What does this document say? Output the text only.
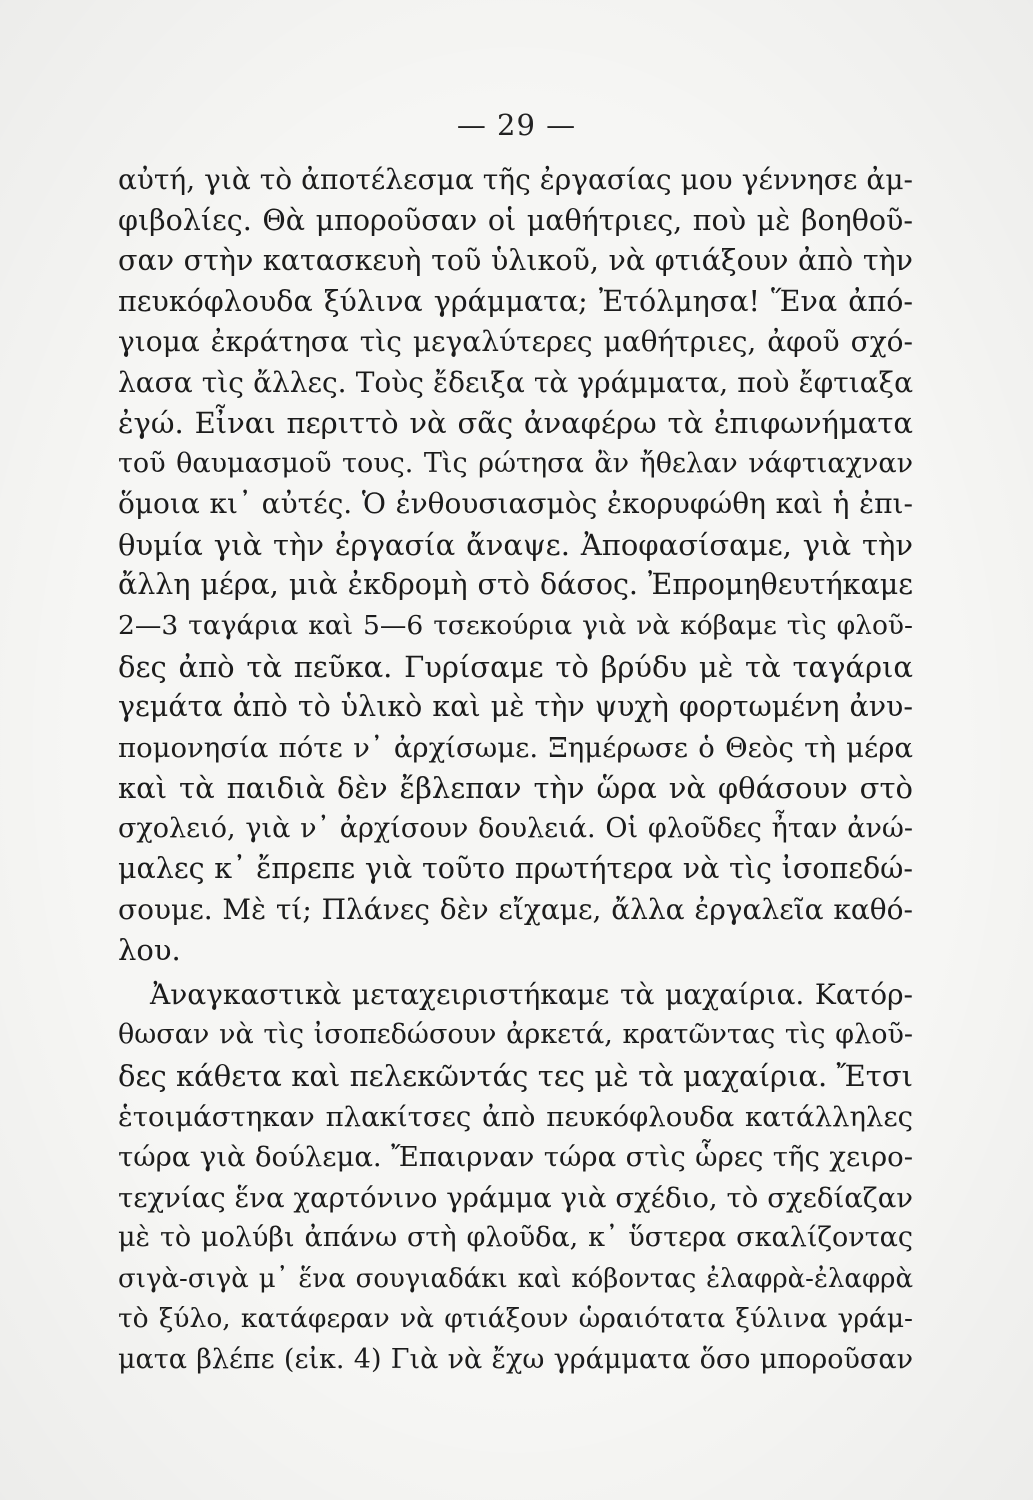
— 29 —
αὐτή, γιὰ τὸ ἀποτέλεσμα τῆς ἐργασίας μου γέννησε ἀμ-
φιβολίες. Θὰ μποροῦσαν οἱ μαθήτριες, ποὺ μὲ βοηθοῦ-
σαν στὴν κατασκευὴ τοῦ ὑλικοῦ, νὰ φτιάξουν ἀπὸ τὴν
πευκόφλουδα ξύλινα γράμματα; Ἐτόλμησα! Ἕνα ἀπό-
γιομα ἐκράτησα τὶς μεγαλύτερες μαθήτριες, ἀφοῦ σχό-
λασα τὶς ἄλλες. Τοὺς ἔδειξα τὰ γράμματα, ποὺ ἔφτιαξα
ἐγώ. Εἶναι περιττὸ νὰ σᾶς ἀναφέρω τὰ ἐπιφωνήματα
τοῦ θαυμασμοῦ τους. Τὶς ρώτησα ἂν ἤθελαν νάφτιαχναν
ὅμοια κι᾽ αὐτές. Ὁ ἐνθουσιασμὸς ἐκορυφώθη καὶ ἡ ἐπι-
θυμία γιὰ τὴν ἐργασία ἄναψε. Ἀποφασίσαμε, γιὰ τὴν
ἄλλη μέρα, μιὰ ἐκδρομὴ στὸ δάσος. Ἐπρομηθευτήκαμε
2—3 ταγάρια καὶ 5—6 τσεκούρια γιὰ νὰ κόβαμε τὶς φλοῦ-
δες ἀπὸ τὰ πεῦκα. Γυρίσαμε τὸ βρύδυ μὲ τὰ ταγάρια
γεμάτα ἀπὸ τὸ ὑλικὸ καὶ μὲ τὴν ψυχὴ φορτωμένη ἀνυ-
πομονησία πότε ν᾽ ἀρχίσωμε. Ξημέρωσε ὁ Θεὸς τὴ μέρα
καὶ τὰ παιδιὰ δὲν ἔβλεπαν τὴν ὥρα νὰ φθάσουν στὸ
σχολειό, γιὰ ν᾽ ἀρχίσουν δουλειά. Οἱ φλοῦδες ἦταν ἀνώ-
μαλες κ᾽ ἔπρεπε γιὰ τοῦτο πρωτήτερα νὰ τὶς ἰσοπεδώ-
σουμε. Μὲ τί; Πλάνες δὲν εἴχαμε, ἄλλα ἐργαλεῖα καθό-
λου.
Ἀναγκαστικὰ μεταχειριστήκαμε τὰ μαχαίρια. Κατόρ-
θωσαν νὰ τὶς ἰσοπεδώσουν ἀρκετά, κρατῶντας τὶς φλοῦ-
δες κάθετα καὶ πελεκῶντάς τες μὲ τὰ μαχαίρια. Ἔτσι
ἑτοιμάστηκαν πλακίτσες ἀπὸ πευκόφλουδα κατάλληλες
τώρα γιὰ δούλεμα. Ἔπαιρναν τώρα στὶς ὧρες τῆς χειρο-
τεχνίας ἕνα χαρτόνινο γράμμα γιὰ σχέδιο, τὸ σχεδίαζαν
μὲ τὸ μολύβι ἀπάνω στὴ φλοῦδα, κ᾽ ὕστερα σκαλίζοντας
σιγὰ-σιγὰ μ᾽ ἕνα σουγιαδάκι καὶ κόβοντας ἐλαφρὰ-ἐλαφρὰ
τὸ ξύλο, κατάφεραν νὰ φτιάξουν ὡραιότατα ξύλινα γράμ-
ματα βλέπε (εἰκ. 4) Γιὰ νὰ ἔχω γράμματα ὅσο μποροῦσαν
